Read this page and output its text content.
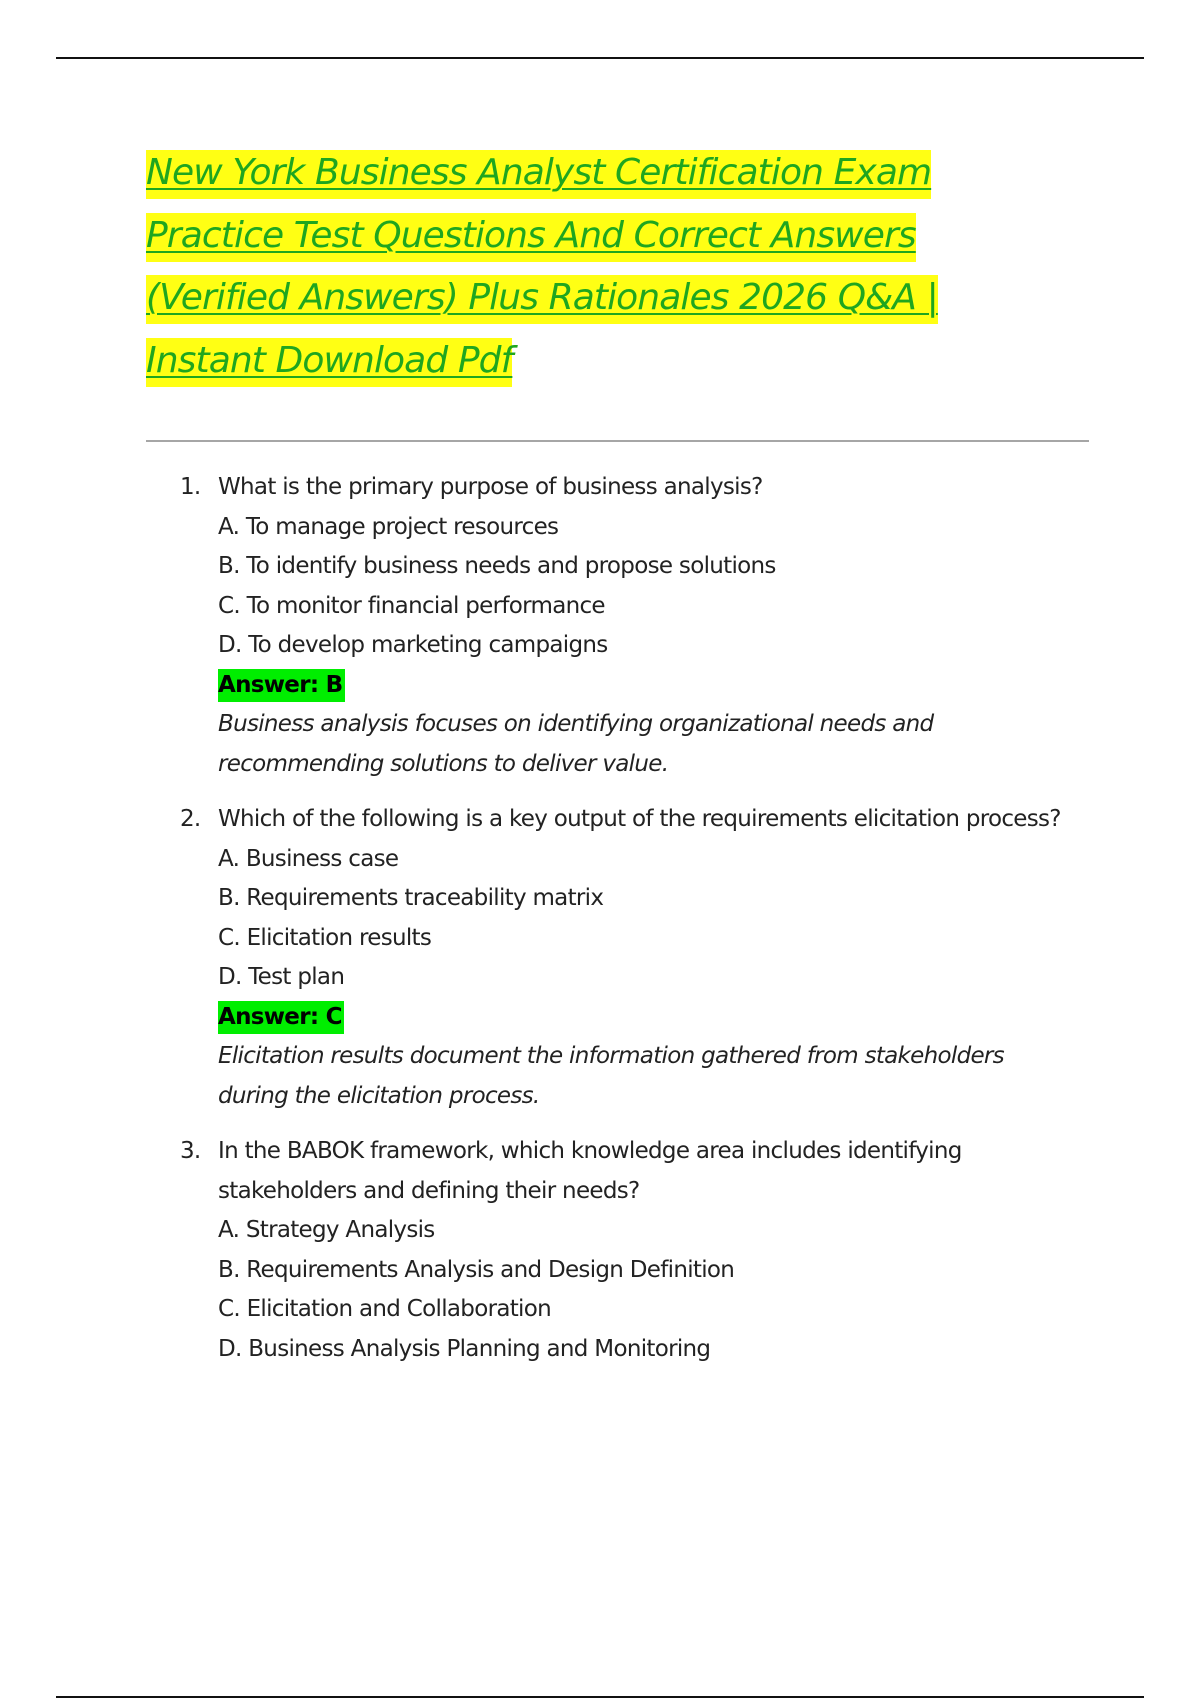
New York Business Analyst Certification Exam
Practice Test Questions And Correct Answers
(Verified Answers) Plus Rationales 2026 Q&A |
Instant Download Pdf
1. What is the primary purpose of business analysis?

A. To manage project resources

B. To identify business needs and propose solutions

C. To monitor financial performance

D. To develop marketing campaigns

Answer: B

Business analysis focuses on identifying organizational needs and recommending solutions to deliver value.

2. Which of the following is a key output of the requirements elicitation process?

A. Business case

B. Requirements traceability matrix

C. Elicitation results

D. Test plan

Answer: C

Elicitation results document the information gathered from stakeholders during the elicitation process.

3. In the BABOK framework, which knowledge area includes identifying stakeholders and defining their needs?

A. Strategy Analysis

B. Requirements Analysis and Design Definition

C. Elicitation and Collaboration

D. Business Analysis Planning and Monitoring
